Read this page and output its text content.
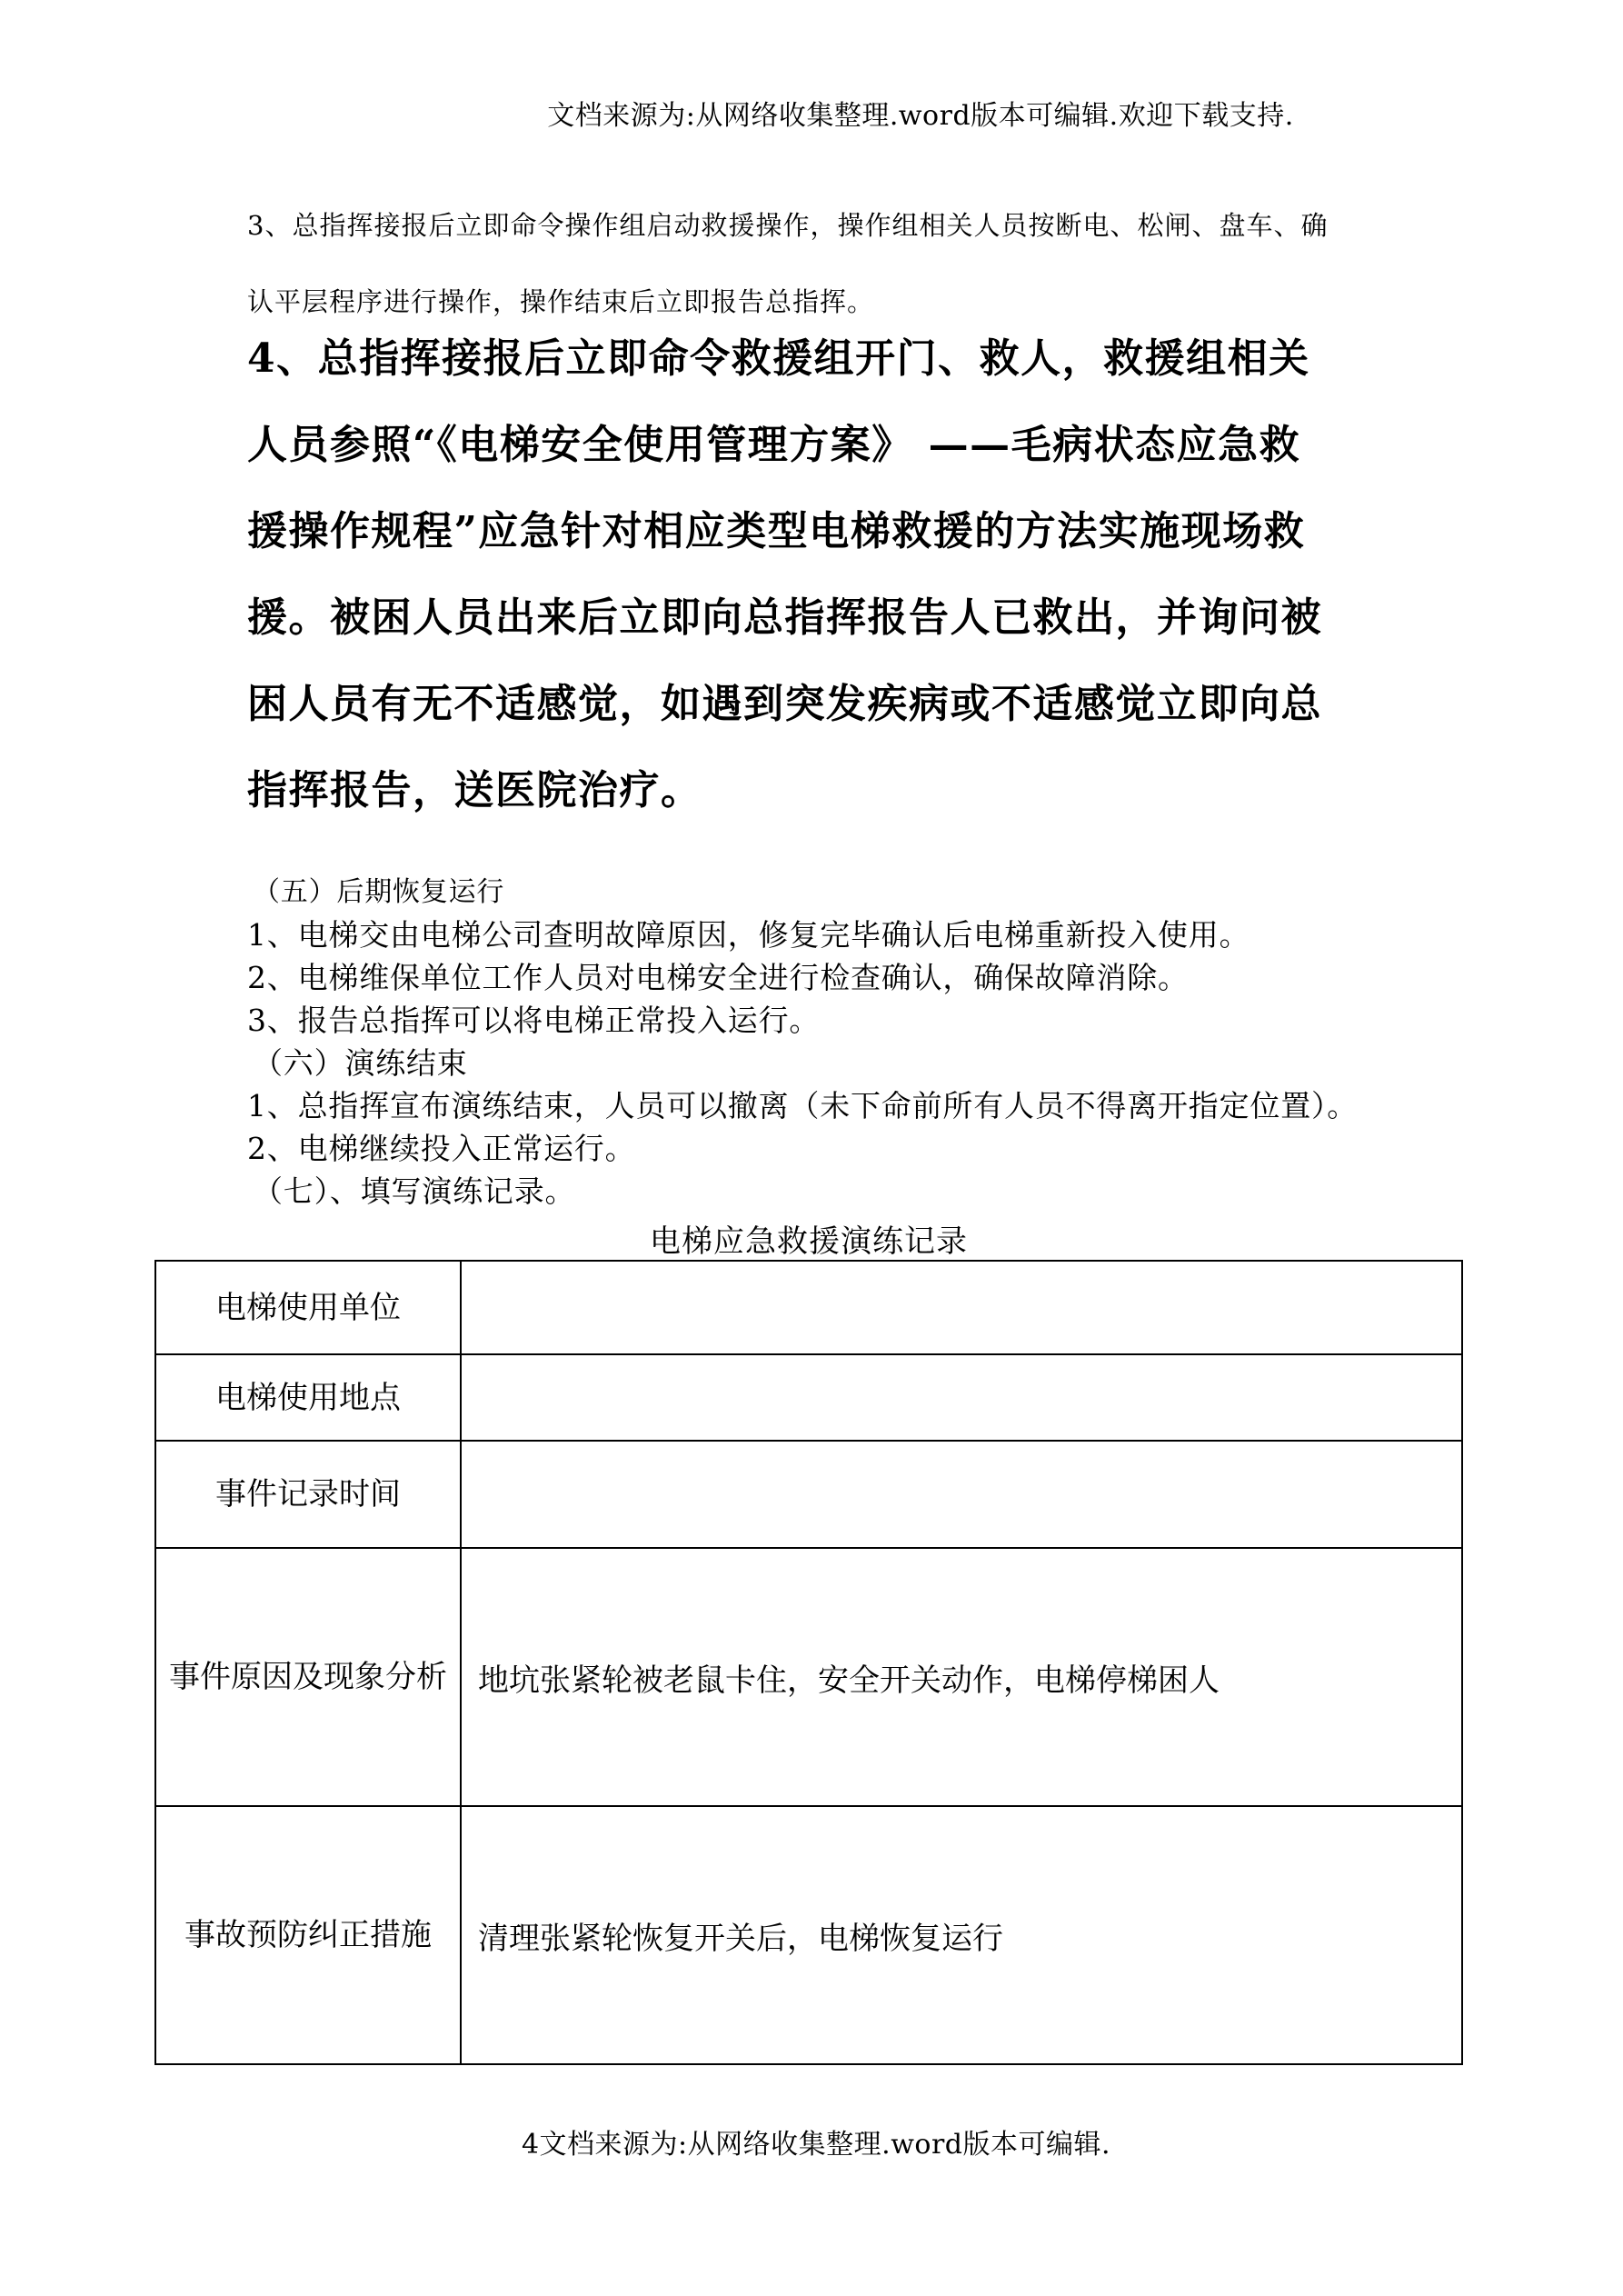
文档来源为:从网络收集整理.word版本可编辑.欢迎下载支持.
3、总指挥接报后立即命令操作组启动救援操作，操作组相关人员按断电、松闸、盘车、确
认平层程序进行操作，操作结束后立即报告总指挥。

4、总指挥接报后立即命令救援组开门、救人，救援组相关

人员参照“《电梯安全使用管理方案》 ——毛病状态应急救

援操作规程”应急针对相应类型电梯救援的方法实施现场救

援。被困人员出来后立即向总指挥报告人已救出，并询问被

困人员有无不适感觉，如遇到突发疾病或不适感觉立即向总

指挥报告，送医院治疗。

（五）后期恢复运行
1、电梯交由电梯公司查明故障原因，修复完毕确认后电梯重新投入使用。
2、电梯维保单位工作人员对电梯安全进行检查确认，确保故障消除。
3、报告总指挥可以将电梯正常投入运行。
（六）演练结束
1、总指挥宣布演练结束，人员可以撤离（未下命前所有人员不得离开指定位置）。
2、电梯继续投入正常运行。
（七）、填写演练记录。
电梯应急救援演练记录
电梯使用单位	
电梯使用地点	
事件记录时间	
事件原因及现象分析	地坑张紧轮被老鼠卡住，安全开关动作，电梯停梯困人
事故预防纠正措施	清理张紧轮恢复开关后，电梯恢复运行
4文档来源为:从网络收集整理.word版本可编辑.
